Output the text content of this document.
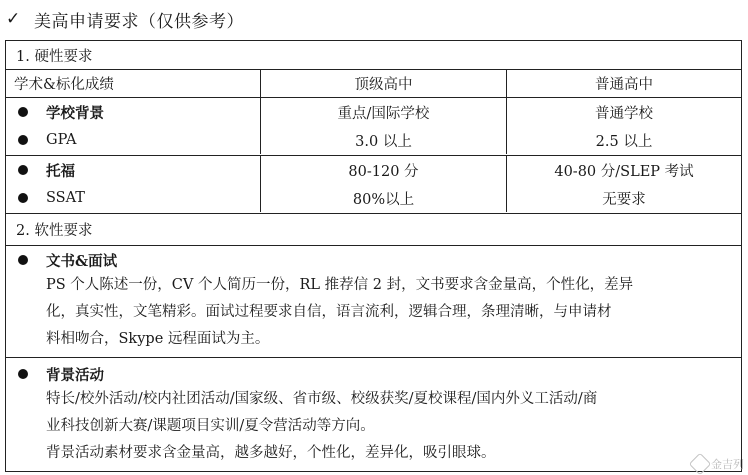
✓ 美高申请要求（仅供参考）
1. 硬性要求
学术&标化成绩	顶级高中	普通高中
学校背景	重点/国际学校	普通学校
GPA	3.0 以上	2.5 以上
托福	80-120 分	40-80 分/SLEP 考试
SSAT	80%以上	无要求
2. 软性要求
文书&面试
PS 个人陈述一份，CV 个人简历一份，RL 推荐信 2 封，文书要求含金量高，个性化，差异
化，真实性，文笔精彩。面试过程要求自信，语言流利，逻辑合理，条理清晰，与申请材
料相吻合，Skype 远程面试为主。
背景活动
特长/校外活动/校内社团活动/国家级、省市级、校级获奖/夏校课程/国内外义工活动/商
业科技创新大赛/课题项目实训/夏令营活动等方向。
背景活动素材要求含金量高，越多越好，个性化，差异化，吸引眼球。
金吉列
